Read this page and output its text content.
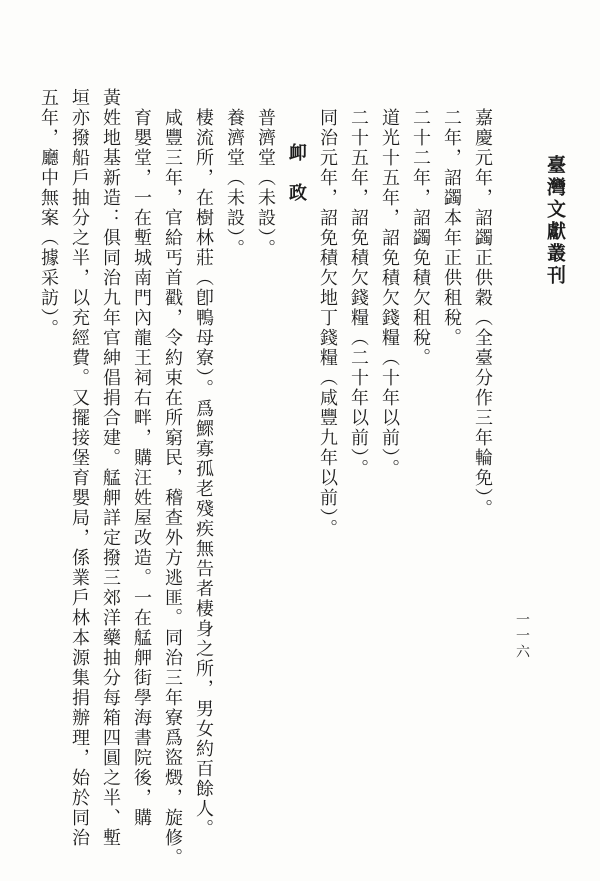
臺灣文獻叢刊
一一六

嘉慶元年，詔蠲正供穀（全臺分作三年輪免）。

二年，詔蠲本年正供租稅。

二十二年，詔蠲免積欠租稅。

道光十五年，詔免積欠錢糧（十年以前）。

二十五年，詔免積欠錢糧（二十年以前）。

同治元年，詔免積欠地丁錢糧（咸豐九年以前）。

卹　政

普濟堂（未設）。

養濟堂（未設）。

棲流所，在樹林莊（卽鴨母寮）。爲鰥寡孤老殘疾無告者棲身之所，男女約百餘人。

咸豐三年，官給丐首戳，令約束在所窮民，稽查外方逃匪。同治三年寮爲盜燬，旋修。

育嬰堂，一在塹城南門內龍王祠右畔，購汪姓屋改造。一在艋舺街學海書院後，購

黃姓地基新造：俱同治九年官紳倡捐合建。艋舺詳定撥三郊洋藥抽分每箱四圓之半、塹

垣亦撥船戶抽分之半，以充經費。又擺接堡育嬰局，係業戶林本源集捐辦理，始於同治

五年，廳中無案（據采訪）。
